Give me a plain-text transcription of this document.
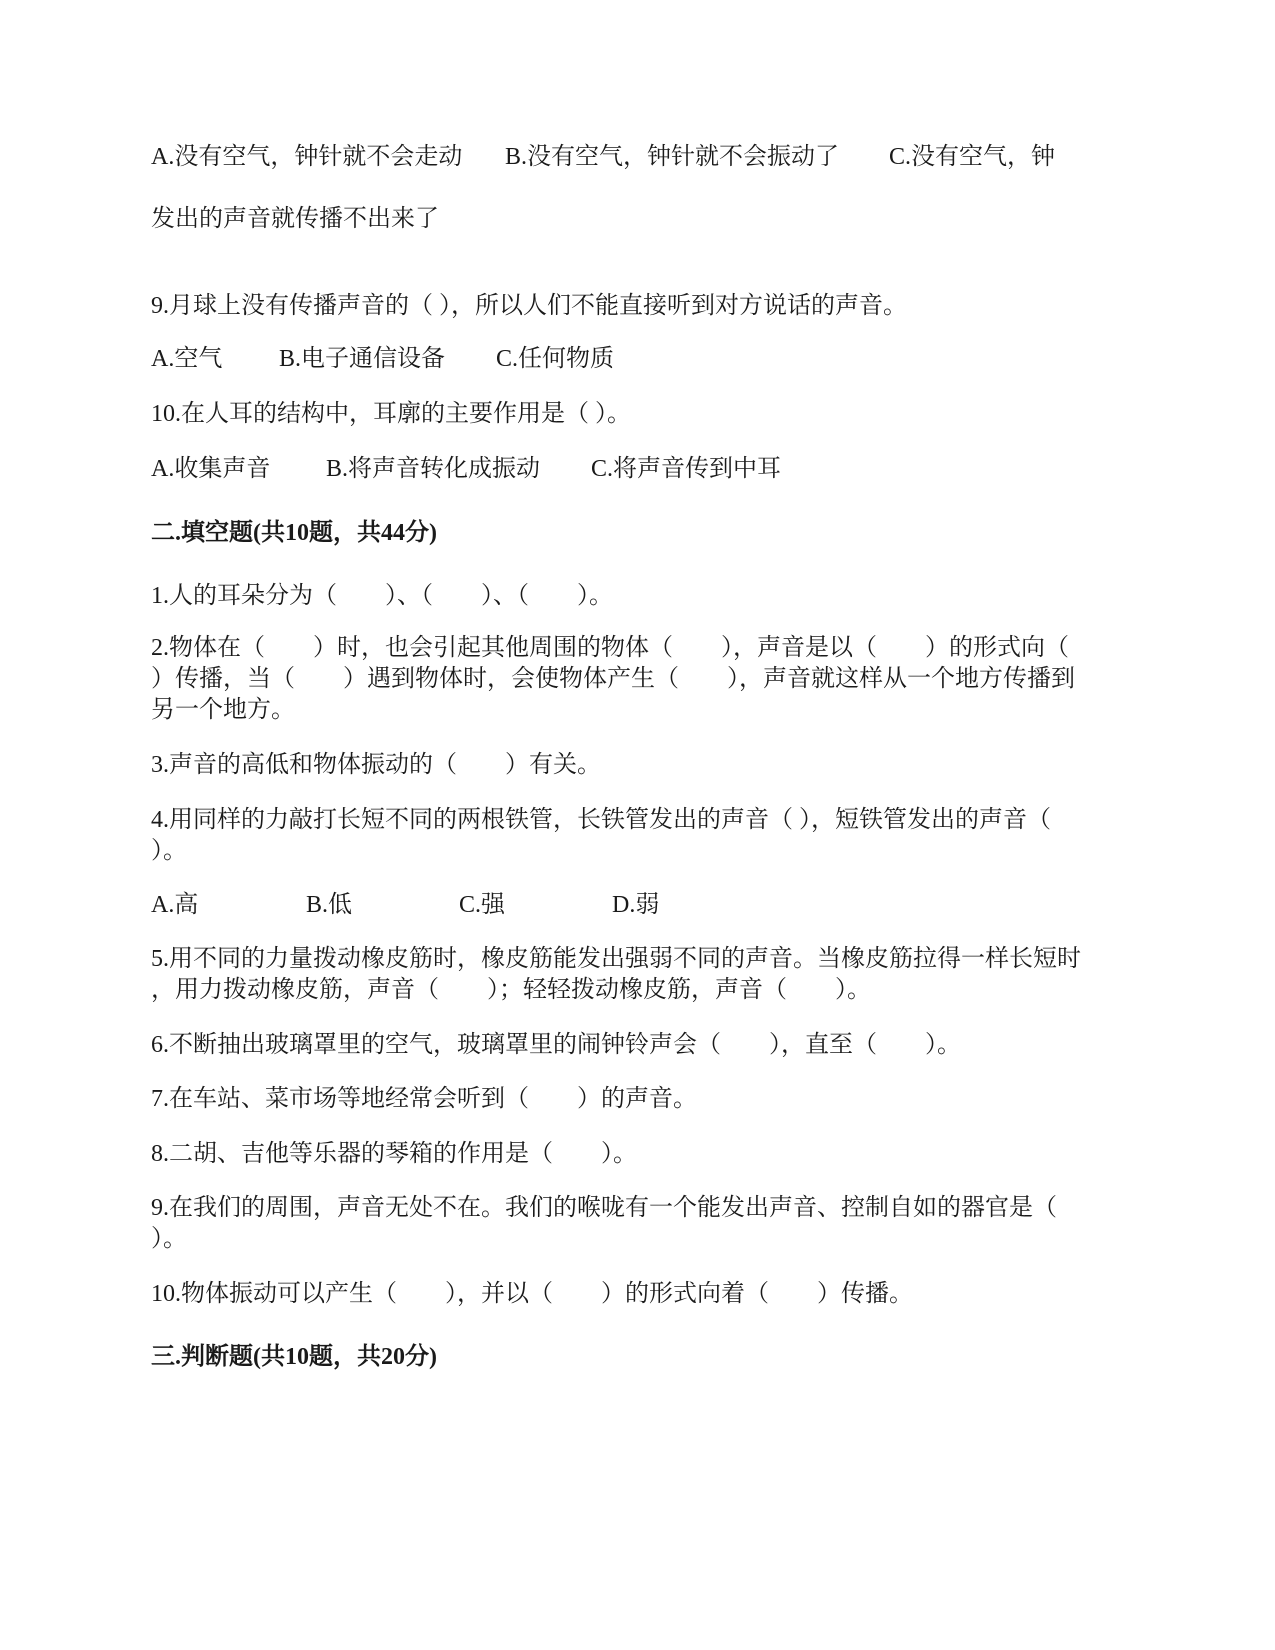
A.没有空气，钟针就不会走动 B.没有空气，钟针就不会振动了 C.没有空气，钟
发出的声音就传播不出来了
9.月球上没有传播声音的（ ），所以人们不能直接听到对方说话的声音。
A.空气 B.电子通信设备 C.任何物质
10.在人耳的结构中，耳廓的主要作用是（ ）。
A.收集声音 B.将声音转化成振动 C.将声音传到中耳
二.填空题(共10题，共44分)
1.人的耳朵分为（　　）、（　　）、（　　）。
2.物体在（　　）时，也会引起其他周围的物体（　　），声音是以（　　）的形式向（
）传播，当（　　）遇到物体时，会使物体产生（　　），声音就这样从一个地方传播到
另一个地方。
3.声音的高低和物体振动的（　　）有关。
4.用同样的力敲打长短不同的两根铁管，长铁管发出的声音（ ），短铁管发出的声音（
）。
A.高	B.低	C.强	D.弱
5.用不同的力量拨动橡皮筋时，橡皮筋能发出强弱不同的声音。当橡皮筋拉得一样长短时
，用力拨动橡皮筋，声音（　　）；轻轻拨动橡皮筋，声音（　　）。
6.不断抽出玻璃罩里的空气，玻璃罩里的闹钟铃声会（　　），直至（　　）。
7.在车站、菜市场等地经常会听到（　　）的声音。
8.二胡、吉他等乐器的琴箱的作用是（　　）。
9.在我们的周围，声音无处不在。我们的喉咙有一个能发出声音、控制自如的器官是（
）。
10.物体振动可以产生（　　），并以（　　）的形式向着（　　）传播。
三.判断题(共10题，共20分)
